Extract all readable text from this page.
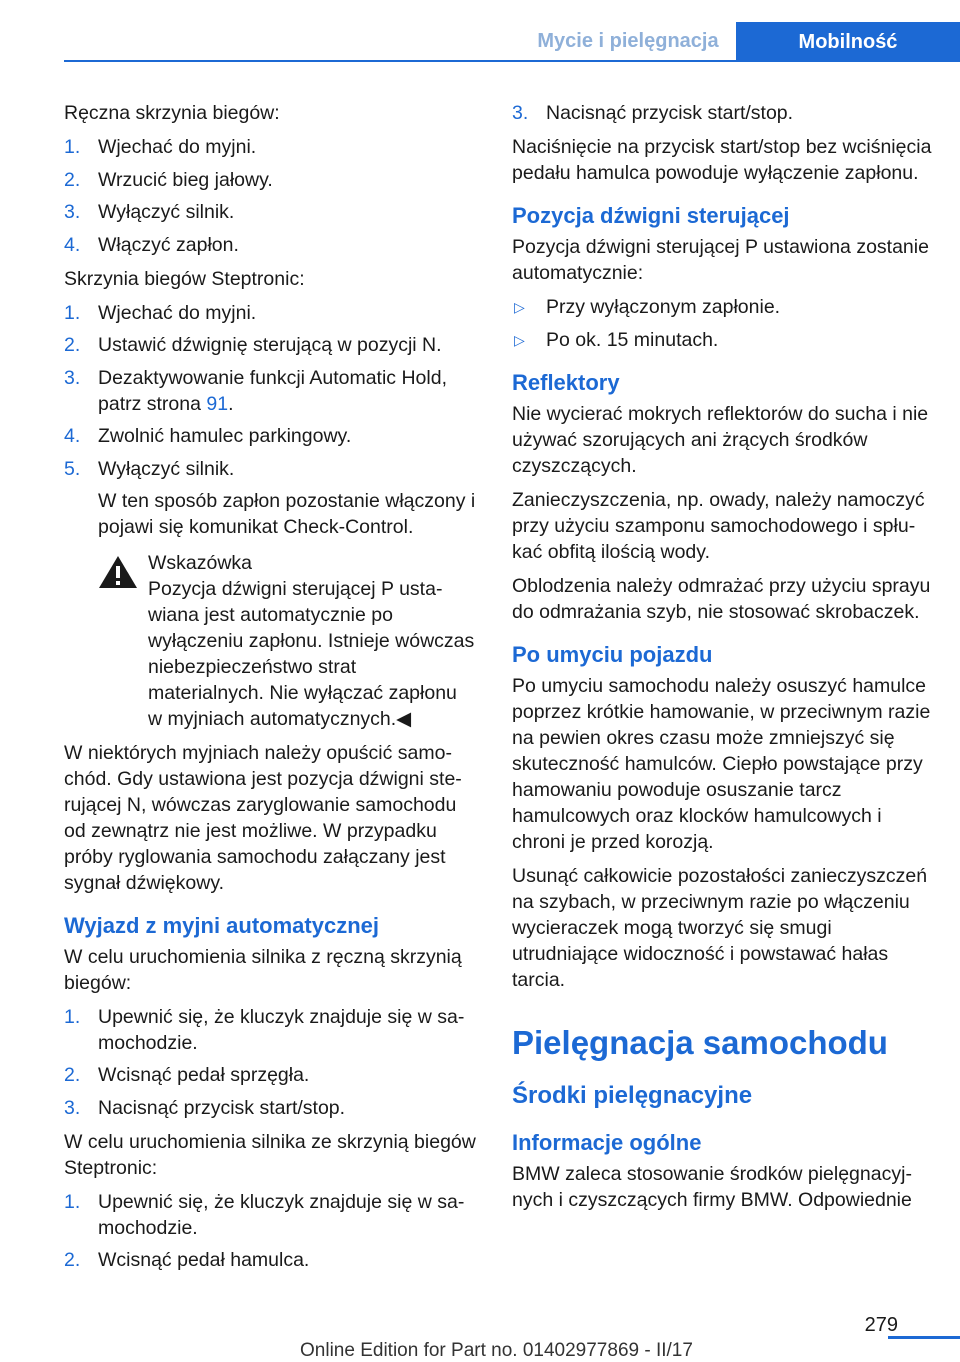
Mycie i pielęgnacja	Mobilność

Ręczna skrzynia biegów:

1. Wjechać do myjni.
2. Wrzucić bieg jałowy.
3. Wyłączyć silnik.
4. Włączyć zapłon.

Skrzynia biegów Steptronic:

1. Wjechać do myjni.
2. Ustawić dźwignię sterującą w pozycji N.
3. Dezaktywowanie funkcji Automatic Hold, patrz strona 91.
4. Zwolnić hamulec parkingowy.
5. Wyłączyć silnik.
W ten sposób zapłon pozostanie włączony i pojawi się komunikat Check-Control.
Wskazówka
Pozycja dźwigni sterującej P ustawiana jest automatycznie po wyłączeniu zapłonu. Istnieje wówczas niebezpieczeństwo strat materialnych. Nie wyłączać zapłonu w myjniach automatycznych.◀

W niektórych myjniach należy opuścić samochód. Gdy ustawiona jest pozycja dźwigni sterującej N, wówczas zaryglowanie samochodu od zewnątrz nie jest możliwe. W przypadku próby ryglowania samochodu załączany jest sygnał dźwiękowy.

Wyjazd z myjni automatycznej

W celu uruchomienia silnika z ręczną skrzynią biegów:

1. Upewnić się, że kluczyk znajduje się w samochodzie.
2. Wcisnąć pedał sprzęgła.
3. Nacisnąć przycisk start/stop.

W celu uruchomienia silnika ze skrzynią biegów Steptronic:

1. Upewnić się, że kluczyk znajduje się w samochodzie.
2. Wcisnąć pedał hamulca.
3. Nacisnąć przycisk start/stop.

Naciśnięcie na przycisk start/stop bez wciśnięcia pedału hamulca powoduje wyłączenie zapłonu.

Pozycja dźwigni sterującej

Pozycja dźwigni sterującej P ustawiona zostanie automatycznie:

▷ Przy wyłączonym zapłonie.
▷ Po ok. 15 minutach.
Reflektory

Nie wycierać mokrych reflektorów do sucha i nie używać szorujących ani żrących środków czyszczących.

Zanieczyszczenia, np. owady, należy namoczyć przy użyciu szamponu samochodowego i spłukać obfitą ilością wody.

Oblodzenia należy odmrażać przy użyciu sprayu do odmrażania szyb, nie stosować skrobaczek.

Po umyciu pojazdu

Po umyciu samochodu należy osuszyć hamulce poprzez krótkie hamowanie, w przeciwnym razie na pewien okres czasu może zmniejszyć się skuteczność hamulców. Ciepło powstające przy hamowaniu powoduje osuszanie tarcz hamulcowych oraz klocków hamulcowych i chroni je przed korozją.

Usunąć całkowicie pozostałości zanieczyszczeń na szybach, w przeciwnym razie po włączeniu wycieraczek mogą tworzyć się smugi utrudniające widoczność i powstawać hałas tarcia.

Pielęgnacja samochodu
Środki pielęgnacyjne
Informacje ogólne

BMW zaleca stosowanie środków pielęgnacyjnych i czyszczących firmy BMW. Odpowiednie

279
Online Edition for Part no. 01402977869 - II/17
